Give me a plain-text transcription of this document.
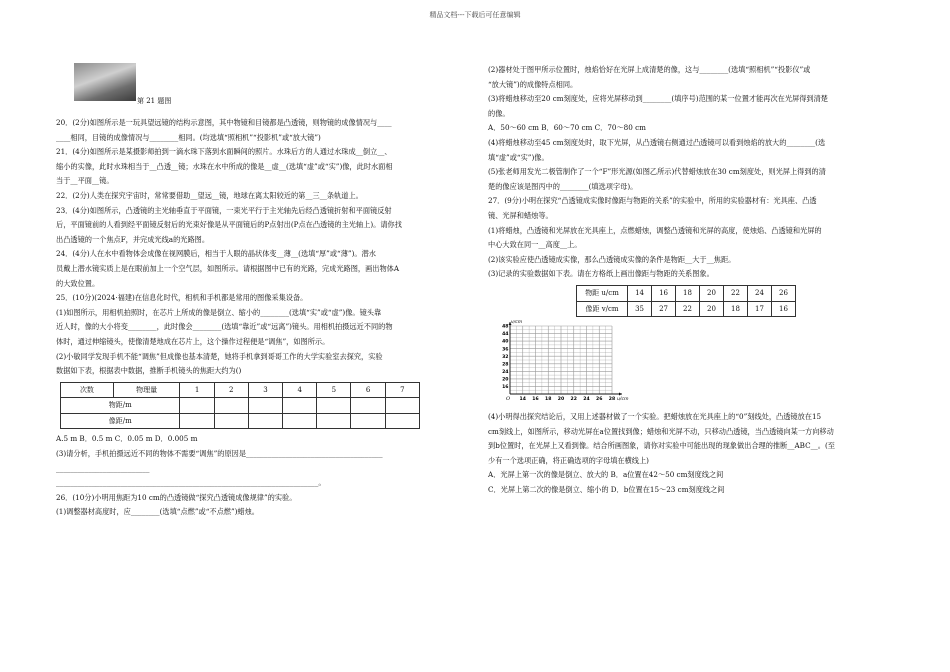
精品文档---下载后可任意编辑
第 21 题图

20．(2分)如图所示是一玩具望远镜的结构示意图，其中物镜和目镜都是凸透镜，则物镜的成像情况与____

____相同，目镜的成像情况与________相同。(均选填“照相机”“投影机”或“放大镜”)

21．(4分)如图所示是某摄影师拍到一滴水珠下落到水面瞬间的照片。水珠后方的人通过水珠成__倒立__、

缩小的实像，此时水珠相当于__凸透__镜；水珠在水中所成的像是__虚__(选填“虚”或“实”)像，此时水面相

当于__平面__镜。

22．(2分)人类在探究宇宙时，常常要借助__望远__镜，地球在离太阳较近的第__三__条轨道上。

23．(4分)如图所示，凸透镜的主光轴垂直于平面镜，一束光平行于主光轴先后经凸透镜折射和平面镜反射

后，平面镜前的人看到经平面镜反射后的光束好像是从平面镜后的P点射出(P点在凸透镜的主光轴上)。请你找

出凸透镜的一个焦点F，并完成光线a的光路图。

24．(4分)人在水中看物体会成像在视网膜后，相当于人眼的晶状体变__薄__(选填“厚”或“薄”)。潜水

员戴上潜水镜实质上是在眼前加上一个空气层，如图所示。请根据图中已有的光路，完成光路图，画出物体A

的大致位置。

25．(10分)(2024·福建)在信息化时代，相机和手机都是常用的图像采集设备。

(1)如图所示，用相机拍照时，在芯片上所成的像是倒立、缩小的________(选填“实”或“虚”)像。镜头靠

近人时，像的大小将变________，此时像会________(选填“靠近”或“远离”)镜头。用相机拍摄远近不同的物

体时，通过伸缩镜头，使像清楚地成在芯片上，这个操作过程便是“调焦”，如图所示。

(2)小敏同学发现手机不能“调焦”但成像也基本清楚，她将手机拿到哥哥工作的大学实验室去探究，实验

数据如下表，根据表中数据，推断手机镜头的焦距大约为()

次数	物理量	1	2	3	4	5	6	7
物距/m								
像距/m								

A.5 m B．0.5 m C．0.05 m D．0.005 m

(3)请分析，手机拍摄远近不同的物体不需要“调焦”的原因是______________________________________

__________________________

_________________________________________________________________________。

26．(10分)小明用焦距为10 cm的凸透镜做“探究凸透镜成像规律”的实验。

(1)调整器材高度时，应________(选填“点燃”或“不点燃”)蜡烛。

(2)器材处于图甲所示位置时，烛焰恰好在光屏上成清楚的像，这与________(选填“照相机”“投影仪”或

“放大镜”)的成像特点相同。

(3)将蜡烛移动至20 cm刻度处，应将光屏移动到________(填序号)范围的某一位置才能再次在光屏得到清楚

的像。

A．50～60 cm B．60～70 cm C．70～80 cm

(4)将蜡烛移动至45 cm刻度处时，取下光屏，从凸透镜右侧通过凸透镜可以看到烛焰的放大的________(选

填“虚”或“实”)像。

(5)张老师用发光二极管制作了一个“F”形光源(如图乙所示)代替蜡烛放在30 cm刻度处，则光屏上得到的清

楚的像应该是图丙中的________(填选项字母)。

27．(9分)小明在探究“凸透镜成实像时像距与物距的关系”的实验中，所用的实验器材有：光具座、凸透

镜、光屏和蜡烛等。

(1)将蜡烛，凸透镜和光屏放在光具座上，点燃蜡烛，调整凸透镜和光屏的高度，使烛焰、凸透镜和光屏的

中心大致在同一__高度__上。

(2)该实验应使凸透镜成实像，那么凸透镜成实像的条件是物距__大于__焦距。

(3)记录的实验数据如下表。请在方格纸上画出像距与物距的关系图象。

物距 u/cm	14	16	18	20	22	24	26
像距 v/cm	35	27	22	20	18	17	16
14 16 18 20 22 24 26 28
16
20
24
28
32
36
40
44
48
O	u/cm
v/cm

(4)小明得出探究结论后，又用上述器材做了一个实验。把蜡烛放在光具座上的“0”刻线处，凸透镜放在15

cm刻线上，如图所示，移动光屏在a位置找到像；蜡烛和光屏不动，只移动凸透镜，当凸透镜向某一方向移动

到b位置时，在光屏上又看到像。结合所画图象，请你对实验中可能出现的现象做出合理的推断__ABC__。(至

少有一个选项正确，将正确选项的字母填在横线上)

A．光屏上第一次的像是倒立、放大的 B．a位置在42～50 cm刻度线之间

C．光屏上第二次的像是倒立、缩小的 D．b位置在15～23 cm刻度线之间
